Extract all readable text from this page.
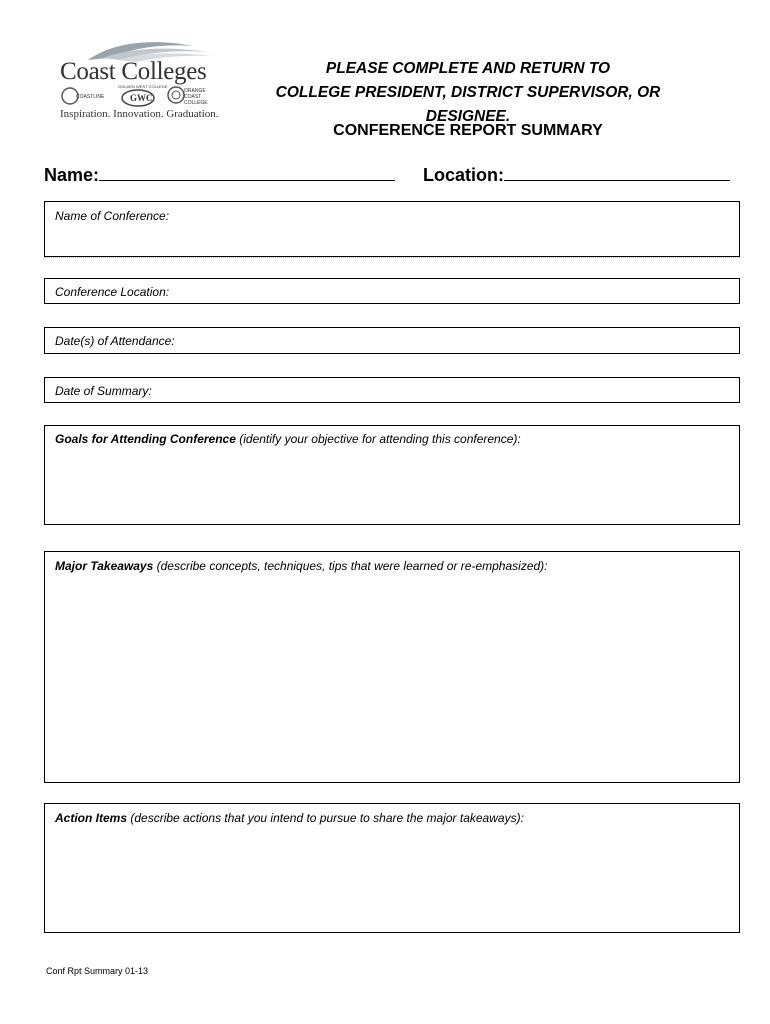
Coast Colleges
COASTLINE
GOLDEN WEST COLLEGE
GWC
ORANGE COAST COLLEGE
Inspiration. Innovation. Graduation.
PLEASE COMPLETE AND RETURN TO
COLLEGE PRESIDENT, DISTRICT SUPERVISOR, OR DESIGNEE.
CONFERENCE REPORT SUMMARY
Name:	Location:
Name of Conference:
Conference Location:
Date(s) of Attendance:
Date of Summary:
Goals for Attending Conference (identify your objective for attending this conference):
Major Takeaways (describe concepts, techniques, tips that were learned or re-emphasized):
Action Items (describe actions that you intend to pursue to share the major takeaways):
Conf Rpt Summary 01-13
